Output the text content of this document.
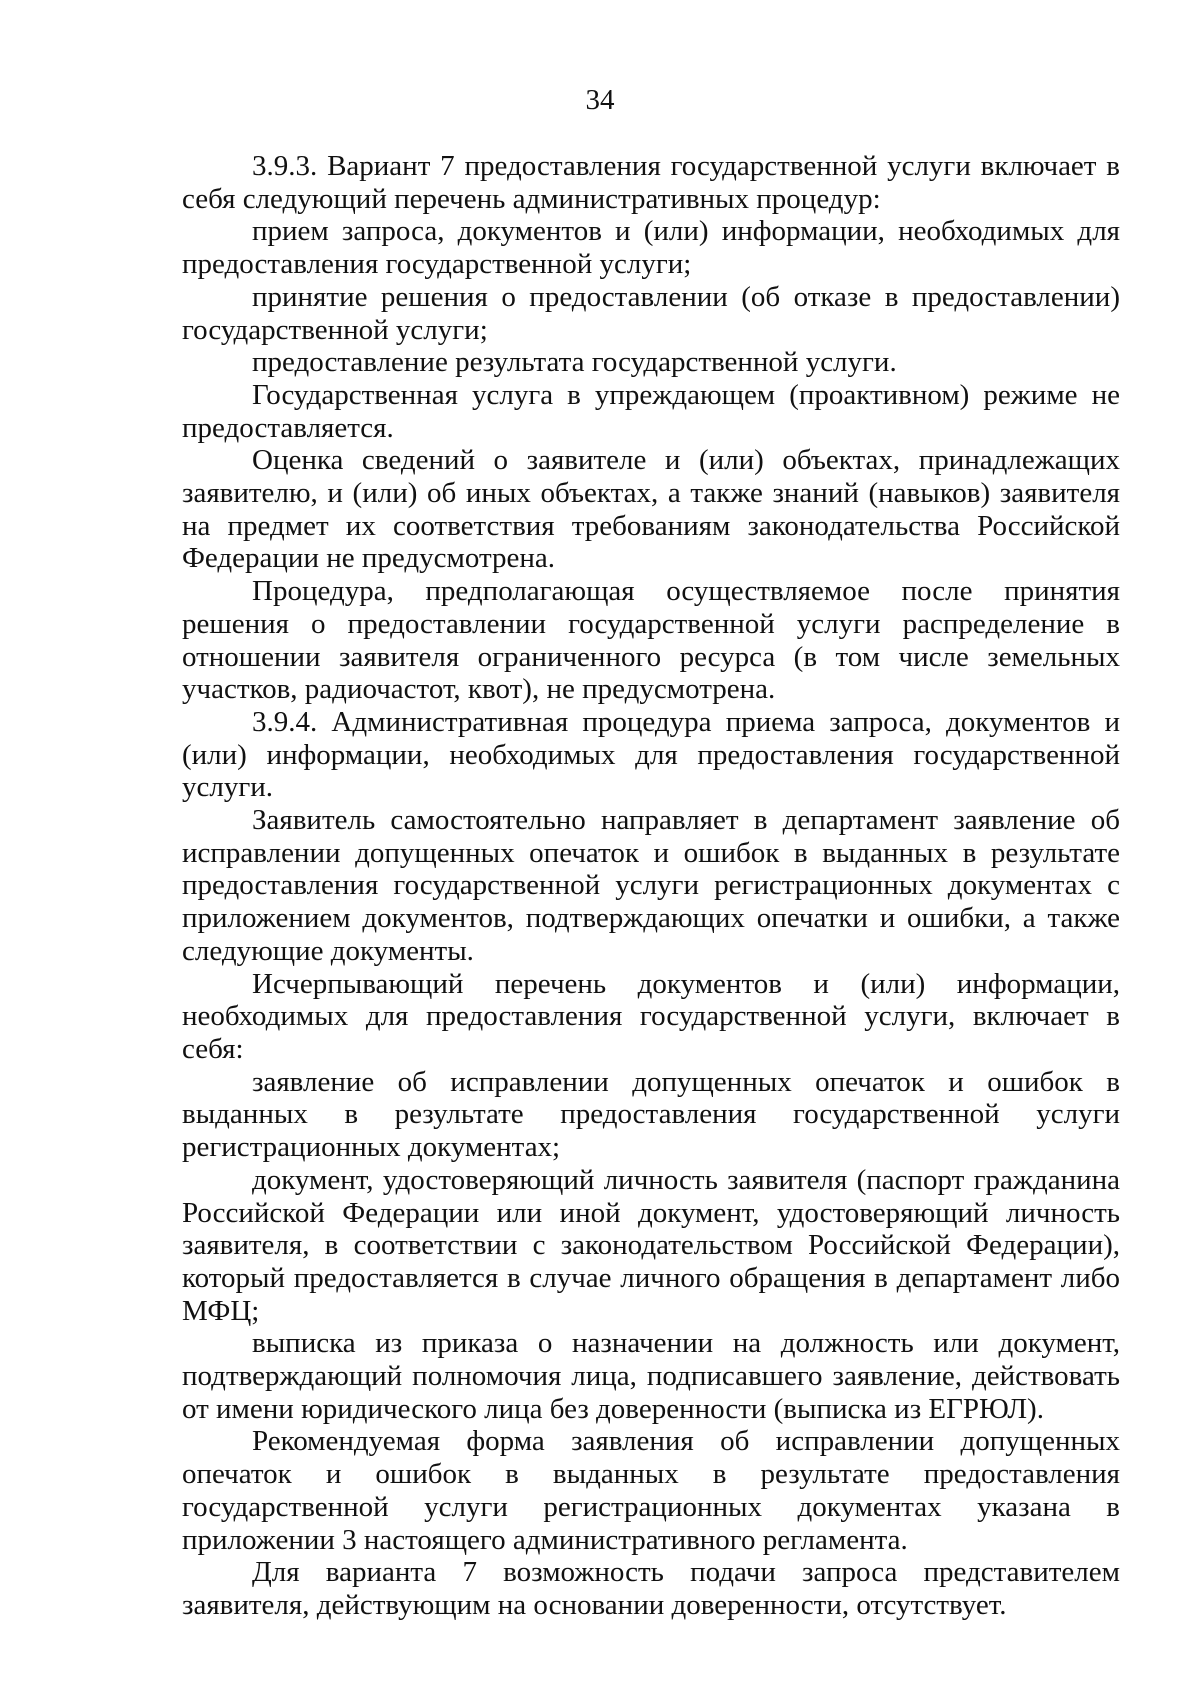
34

3.9.3. Вариант 7 предоставления государственной услуги включает в себя следующий перечень административных процедур:

прием запроса, документов и (или) информации, необходимых для предоставления государственной услуги;

принятие решения о предоставлении (об отказе в предоставлении) государственной услуги;

предоставление результата государственной услуги.

Государственная услуга в упреждающем (проактивном) режиме не предоставляется.

Оценка сведений о заявителе и (или) объектах, принадлежащих заявителю, и (или) об иных объектах, а также знаний (навыков) заявителя на предмет их соответствия требованиям законодательства Российской Федерации не предусмотрена.

Процедура, предполагающая осуществляемое после принятия решения о предоставлении государственной услуги распределение в отношении заявителя ограниченного ресурса (в том числе земельных участков, радиочастот, квот), не предусмотрена.

3.9.4. Административная процедура приема запроса, документов и (или) информации, необходимых для предоставления государственной услуги.

Заявитель самостоятельно направляет в департамент заявление об исправлении допущенных опечаток и ошибок в выданных в результате предоставления государственной услуги регистрационных документах с приложением документов, подтверждающих опечатки и ошибки, а также следующие документы.

Исчерпывающий перечень документов и (или) информации, необходимых для предоставления государственной услуги, включает в себя:

заявление об исправлении допущенных опечаток и ошибок в выданных в результате предоставления государственной услуги регистрационных документах;

документ, удостоверяющий личность заявителя (паспорт гражданина Российской Федерации или иной документ, удостоверяющий личность заявителя, в соответствии с законодательством Российской Федерации), который предоставляется в случае личного обращения в департамент либо МФЦ;

выписка из приказа о назначении на должность или документ, подтверждающий полномочия лица, подписавшего заявление, действовать от имени юридического лица без доверенности (выписка из ЕГРЮЛ).

Рекомендуемая форма заявления об исправлении допущенных опечаток и ошибок в выданных в результате предоставления государственной услуги регистрационных документах указана в приложении 3 настоящего административного регламента.

Для варианта 7 возможность подачи запроса представителем заявителя, действующим на основании доверенности, отсутствует.
